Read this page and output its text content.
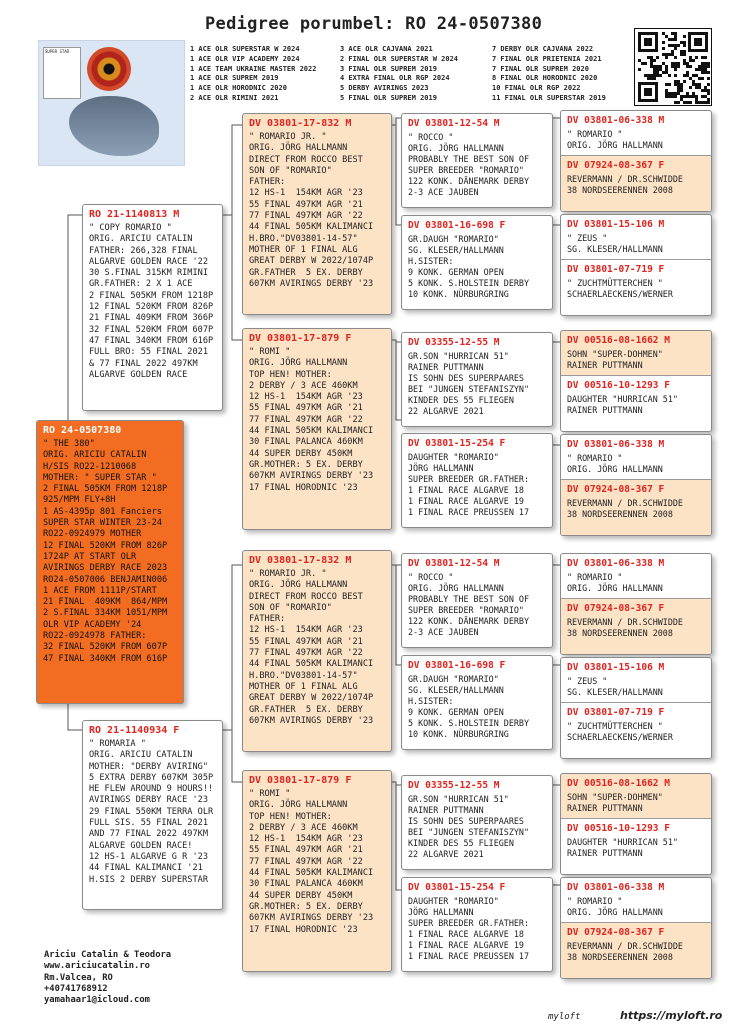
Pedigree porumbel: RO 24-0507380
SUPER STAR	1 ACE OLR SUPERSTAR W 2024
1 ACE OLR VIP ACADEMY 2024
1 ACE TEAM UKRAINE MASTER 2022
1 ACE OLR SUPREM 2019
1 ACE OLR HORODNIC 2020
2 ACE OLR RIMINI 2021
3 ACE OLR CAJVANA 2021
2 FINAL OLR SUPERSTAR W 2024
3 FINAL OLR SUPREM 2019
4 EXTRA FINAL OLR RGP 2024
5 DERBY AVIRINGS 2023
5 FINAL OLR SUPREM 2019
7 DERBY OLR CAJVANA 2022
7 FINAL OLR PRIETENIA 2021
7 FINAL OLR SUPREM 2020
8 FINAL OLR HORODNIC 2020
10 FINAL OLR RGP 2022
11 FINAL OLR SUPERSTAR 2019
RO 24-0507380
" THE 380"
ORIG. ARICIU CATALIN
H/SIS RO22-1210068
MOTHER: " SUPER STAR "
2 FINAL 505KM FROM 1218P
925/MPM FLY+8H
1 AS-4395p 801 Fanciers
SUPER STAR WINTER 23-24
RO22-0924979 MOTHER
12 FINAL 520KM FROM 826P
1724P AT START OLR
AVIRINGS DERBY RACE 2023
RO24-0507006 BENJAMIN006
1 ACE FROM 1111P/START
21 FINAL  409KM  864/MPM
2 S.FINAL 334KM 1051/MPM
OLR VIP ACADEMY '24
RO22-0924978 FATHER:
32 FINAL 520KM FROM 607P
47 FINAL 340KM FROM 616P
RO 21-1140813 M
" COPY ROMARIO "
ORIG. ARICIU CATALIN
FATHER: 266,328 FINAL
ALGARVE GOLDEN RACE '22
30 S.FINAL 315KM RIMINI
GR.FATHER: 2 X 1 ACE
2 FINAL 505KM FROM 1218P
12 FINAL 520KM FROM 826P
21 FINAL 409KM FROM 366P
32 FINAL 520KM FROM 607P
47 FINAL 340KM FROM 616P
FULL BRO: 55 FINAL 2021
& 77 FINAL 2022 497KM
ALGARVE GOLDEN RACE
RO 21-1140934 F
" ROMARIA "
ORIG. ARICIU CATALIN
MOTHER: "DERBY AVIRING"
5 EXTRA DERBY 607KM 305P
HE FLEW AROUND 9 HOURS!!
AVIRINGS DERBY RACE '23
29 FINAL 550KM TERRA OLR
FULL SIS. 55 FINAL 2021
AND 77 FINAL 2022 497KM
ALGARVE GOLDEN RACE!
12 HS-1 ALGARVE G R '23
44 FINAL KALIMANCI '21
H.SIS 2 DERBY SUPERSTAR
DV 03801-17-832 M
" ROMARIO JR. "
ORIG. JÖRG HALLMANN
DIRECT FROM ROCCO BEST
SON OF "ROMARIO"
FATHER:
12 HS-1  154KM AGR '23
55 FINAL 497KM AGR '21
77 FINAL 497KM AGR '22
44 FINAL 505KM KALIMANCI
H.BRO."DV03801-14-57"
MOTHER OF 1 FINAL ALG
GREAT DERBY W 2022/1074P
GR.FATHER  5 EX. DERBY
607KM AVIRINGS DERBY '23
DV 03801-17-879 F
" ROMI "
ORIG. JÖRG HALLMANN
TOP HEN! MOTHER:
2 DERBY / 3 ACE 460KM
12 HS-1  154KM AGR '23
55 FINAL 497KM AGR '21
77 FINAL 497KM AGR '22
44 FINAL 505KM KALIMANCI
30 FINAL PALANCA 460KM
44 SUPER DERBY 450KM
GR.MOTHER: 5 EX. DERBY
607KM AVIRINGS DERBY '23
17 FINAL HORODNIC '23
DV 03801-17-832 M
" ROMARIO JR. "
ORIG. JÖRG HALLMANN
DIRECT FROM ROCCO BEST
SON OF "ROMARIO"
FATHER:
12 HS-1  154KM AGR '23
55 FINAL 497KM AGR '21
77 FINAL 497KM AGR '22
44 FINAL 505KM KALIMANCI
H.BRO."DV03801-14-57"
MOTHER OF 1 FINAL ALG
GREAT DERBY W 2022/1074P
GR.FATHER  5 EX. DERBY
607KM AVIRINGS DERBY '23
DV 03801-17-879 F
" ROMI "
ORIG. JÖRG HALLMANN
TOP HEN! MOTHER:
2 DERBY / 3 ACE 460KM
12 HS-1  154KM AGR '23
55 FINAL 497KM AGR '21
77 FINAL 497KM AGR '22
44 FINAL 505KM KALIMANCI
30 FINAL PALANCA 460KM
44 SUPER DERBY 450KM
GR.MOTHER: 5 EX. DERBY
607KM AVIRINGS DERBY '23
17 FINAL HORODNIC '23
DV 03801-12-54 M
" ROCCO "
ORIG. JÖRG HALLMANN
PROBABLY THE BEST SON OF
SUPER BREEDER "ROMARIO"
122 KONK. DÄNEMARK DERBY
2-3 ACE JAUBEN
DV 03801-16-698 F
GR.DAUGH "ROMARIO"
SG. KLESER/HALLMANN
H.SISTER:
9 KONK. GERMAN OPEN
5 KONK. S.HOLSTEIN DERBY
10 KONK. NÜRBURGRING
DV 03355-12-55 M
GR.SON "HURRICAN 51"
RAINER PUTTMANN
IS SOHN DES SUPERPAARES
BEI "JUNGEN STEFANISZYN"
KINDER DES 55 FLIEGEN
22 ALGARVE 2021
DV 03801-15-254 F
DAUGHTER "ROMARIO"
JÖRG HALLMANN
SUPER BREEDER GR.FATHER:
1 FINAL RACE ALGARVE 18
1 FINAL RACE ALGARVE 19
1 FINAL RACE PREUSSEN 17
DV 03801-12-54 M
" ROCCO "
ORIG. JÖRG HALLMANN
PROBABLY THE BEST SON OF
SUPER BREEDER "ROMARIO"
122 KONK. DÄNEMARK DERBY
2-3 ACE JAUBEN
DV 03801-16-698 F
GR.DAUGH "ROMARIO"
SG. KLESER/HALLMANN
H.SISTER:
9 KONK. GERMAN OPEN
5 KONK. S.HOLSTEIN DERBY
10 KONK. NÜRBURGRING
DV 03355-12-55 M
GR.SON "HURRICAN 51"
RAINER PUTTMANN
IS SOHN DES SUPERPAARES
BEI "JUNGEN STEFANISZYN"
KINDER DES 55 FLIEGEN
22 ALGARVE 2021
DV 03801-15-254 F
DAUGHTER "ROMARIO"
JÖRG HALLMANN
SUPER BREEDER GR.FATHER:
1 FINAL RACE ALGARVE 18
1 FINAL RACE ALGARVE 19
1 FINAL RACE PREUSSEN 17
DV 03801-06-338 M
" ROMARIO "
ORIG. JÖRG HALLMANN
DV 07924-08-367 F
REVERMANN / DR.SCHWIDDE
38 NORDSEERENNEN 2008
DV 03801-15-106 M
" ZEUS "
SG. KLESER/HALLMANN
DV 03801-07-719 F
" ZUCHTMÜTTERCHEN "
SCHAERLAECKENS/WERNER
DV 00516-08-1662 M
SOHN "SUPER-DOHMEN"
RAINER PUTTMANN
DV 00516-10-1293 F
DAUGHTER "HURRICAN 51"
RAINER PUTTMANN
DV 03801-06-338 M
" ROMARIO "
ORIG. JÖRG HALLMANN
DV 07924-08-367 F
REVERMANN / DR.SCHWIDDE
38 NORDSEERENNEN 2008
DV 03801-06-338 M
" ROMARIO "
ORIG. JÖRG HALLMANN
DV 07924-08-367 F
REVERMANN / DR.SCHWIDDE
38 NORDSEERENNEN 2008
DV 03801-15-106 M
" ZEUS "
SG. KLESER/HALLMANN
DV 03801-07-719 F
" ZUCHTMÜTTERCHEN "
SCHAERLAECKENS/WERNER
DV 00516-08-1662 M
SOHN "SUPER-DOHMEN"
RAINER PUTTMANN
DV 00516-10-1293 F
DAUGHTER "HURRICAN 51"
RAINER PUTTMANN
DV 03801-06-338 M
" ROMARIO "
ORIG. JÖRG HALLMANN
DV 07924-08-367 F
REVERMANN / DR.SCHWIDDE
38 NORDSEERENNEN 2008
Ariciu Catalin & Teodora
www.ariciucatalin.ro
Rm.Valcea, RO
+40741768912
yamahaar1@icloud.com
myloft	https://myloft.ro
